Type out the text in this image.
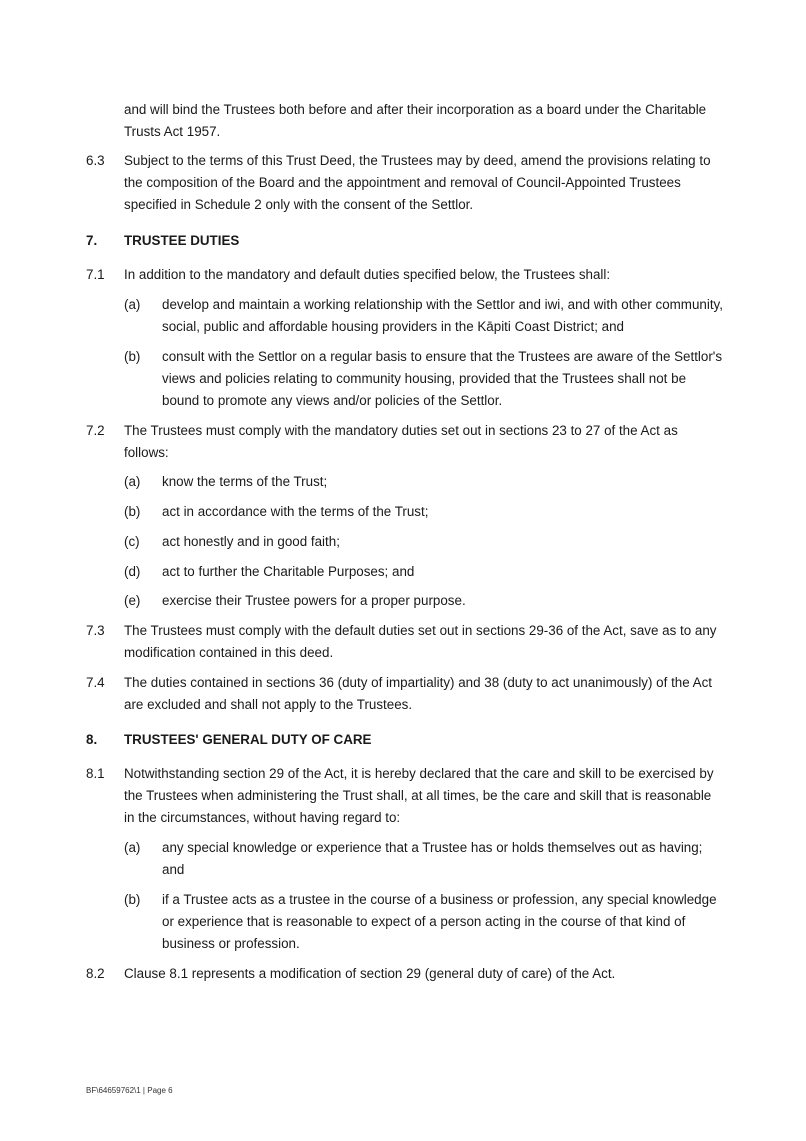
and will bind the Trustees both before and after their incorporation as a board under the Charitable Trusts Act 1957.
6.3 Subject to the terms of this Trust Deed, the Trustees may by deed, amend the provisions relating to the composition of the Board and the appointment and removal of Council-Appointed Trustees specified in Schedule 2 only with the consent of the Settlor.
7. TRUSTEE DUTIES
7.1 In addition to the mandatory and default duties specified below, the Trustees shall:
(a) develop and maintain a working relationship with the Settlor and iwi, and with other community, social, public and affordable housing providers in the Kāpiti Coast District; and
(b) consult with the Settlor on a regular basis to ensure that the Trustees are aware of the Settlor's views and policies relating to community housing, provided that the Trustees shall not be bound to promote any views and/or policies of the Settlor.
7.2 The Trustees must comply with the mandatory duties set out in sections 23 to 27 of the Act as follows:
(a) know the terms of the Trust;
(b) act in accordance with the terms of the Trust;
(c) act honestly and in good faith;
(d) act to further the Charitable Purposes; and
(e) exercise their Trustee powers for a proper purpose.
7.3 The Trustees must comply with the default duties set out in sections 29-36 of the Act, save as to any modification contained in this deed.
7.4 The duties contained in sections 36 (duty of impartiality) and 38 (duty to act unanimously) of the Act are excluded and shall not apply to the Trustees.
8. TRUSTEES' GENERAL DUTY OF CARE
8.1 Notwithstanding section 29 of the Act, it is hereby declared that the care and skill to be exercised by the Trustees when administering the Trust shall, at all times, be the care and skill that is reasonable in the circumstances, without having regard to:
(a) any special knowledge or experience that a Trustee has or holds themselves out as having; and
(b) if a Trustee acts as a trustee in the course of a business or profession, any special knowledge or experience that is reasonable to expect of a person acting in the course of that kind of business or profession.
8.2 Clause 8.1 represents a modification of section 29 (general duty of care) of the Act.
BF\64659762\1 | Page 6
